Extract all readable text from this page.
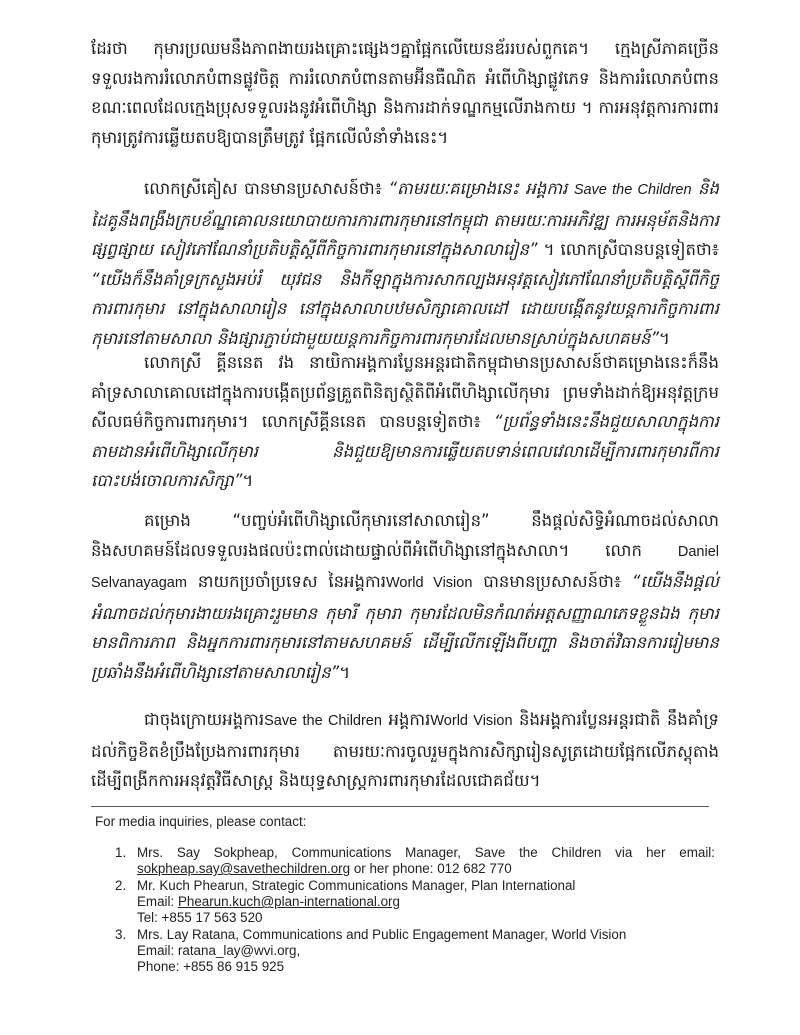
ដែរថា កុមារប្រឈមនឹងភាពងាយរងគ្រោះផ្សេងៗគ្នាផ្អែកលើយេនឌ័ររបស់ពួកគេ។ ក្មេងស្រីភាគច្រើនទទួលរងការរំលោភបំពានផ្លូវចិត្ត ការរំលោភបំពានតាមអ៊ីនធឺណិត អំពើហិង្សាផ្លូវភេទ និងការរំលោភបំពាន ខណៈពេលដែលក្មេងប្រុសទទួលរងនូវអំពើហិង្សា និងការដាក់ទណ្ឌកម្មលើរាងកាយ ។ ការអនុវត្តការការពារកុមារត្រូវការឆ្លើយតបឱ្យបានត្រឹមត្រូវ ផ្អែកលើលំនាំទាំងនេះ។

លោកស្រីគៀស បានមានប្រសាសន៍ថា៖ “តាមរយៈគម្រោងនេះ អង្គការ Save the Children និងដៃគូនឹងពង្រឹងក្របខ័ណ្ឌគោលនយោបាយការការពារកុមារនៅកម្ពុជា តាមរយៈការអភិវឌ្ឍ ការអនុម័តនិងការផ្សព្វផ្សាយ សៀវភៅណែនាំប្រតិបត្តិស្តីពីកិច្ចការពារកុមារនៅក្នុងសាលារៀន” ។ លោកស្រីបានបន្តទៀតថា៖ “យើងក៏នឹងគាំទ្រក្រសួងអប់រំ យុវជន និងកីឡាក្នុងការសាកល្បងអនុវត្តសៀវភៅណែនាំប្រតិបត្តិស្តីពីកិច្ចការពារកុមារ នៅក្នុងសាលារៀន នៅក្នុងសាលាបឋមសិក្សាគោលដៅ ដោយបង្កើតនូវយន្តការកិច្ចការពារកុមារនៅតាមសាលា និងផ្សារភ្ជាប់ជាមួយយន្តការកិច្ចការពារកុមារដែលមានស្រាប់ក្នុងសហគមន៍”។

លោកស្រី គ្គីននេត វង នាយិកាអង្គការប្លែនអន្តរជាតិកម្ពុជាមានប្រសាសន៍ថាគម្រោងនេះក៏នឹងគាំទ្រសាលាគោលដៅក្នុងការបង្កើតប្រព័ន្ធគ្រួតពិនិត្យស្ថិតិពីអំពើហិង្សាលើកុមារ ព្រមទាំងដាក់ឱ្យអនុវត្តក្រមសីលធម៌កិច្ចការពារកុមារ។ លោកស្រីគ្គីននេត បានបន្តទៀតថា៖ “ប្រព័ន្ធទាំងនេះនឹងជួយសាលាក្នុងការតាមដានអំពើហិង្សាលើកុមារ និងជួយឱ្យមានការឆ្លើយតបទាន់ពេលវេលាដើម្បីការពារកុមារពីការបោះបង់ចោលការសិក្សា”។

គម្រោង “បញ្ចប់អំពើហិង្សាលើកុមារនៅសាលារៀន” នឹងផ្តល់សិទ្ធិអំណាចដល់សាលា និងសហគមន៍ដែលទទួលរងផលប៉ះពាល់ដោយផ្ទាល់ពីអំពើហិង្សានៅក្នុងសាលា។ លោក Daniel Selvanayagam នាយកប្រចាំប្រទេស នៃអង្គការWorld Vision បានមានប្រសាសន៍ថា៖ “យើងនឹងផ្តល់អំណាចដល់កុមារងាយរងគ្រោះរួមមាន កុមារី កុមារា កុមារដែលមិនកំណត់អត្តសញ្ញាណភេទខ្លួនឯង កុមារមានពិការភាព និងអ្នកការពារកុមារនៅតាមសហគមន៍ ដើម្បីលើកឡើងពីបញ្ហា និងចាត់វិធានការរៀមមានប្រឆាំងនឹងអំពើហិង្សានៅតាមសាលារៀន”។

ជាចុងក្រោយអង្គការSave the Children អង្គការWorld Vision និងអង្គការប្លែនអន្តរជាតិ នឹងគាំទ្រដល់កិច្ចខិតខំប្រឹងប្រែងការពារកុមារ តាមរយៈការចូលរួមក្នុងការសិក្សារៀនសូត្រដោយផ្អែកលើភស្តុតាង ដើម្បីពង្រីកការអនុវត្តវិធីសាស្ត្រ និងយុទ្ធសាស្ត្រការពារកុមារដែលជោគជ័យ។

For media inquiries, please contact:
1. Mrs. Say Sokpheap, Communications Manager, Save the Children via her email:
sokpheap.say@savethechildren.org or her phone: 012 682 770
2. Mr. Kuch Phearun, Strategic Communications Manager, Plan International
Email: Phearun.kuch@plan-international.org
Tel: +855 17 563 520
3. Mrs. Lay Ratana, Communications and Public Engagement Manager, World Vision
Email: ratana_lay@wvi.org,
Phone: +855 86 915 925
